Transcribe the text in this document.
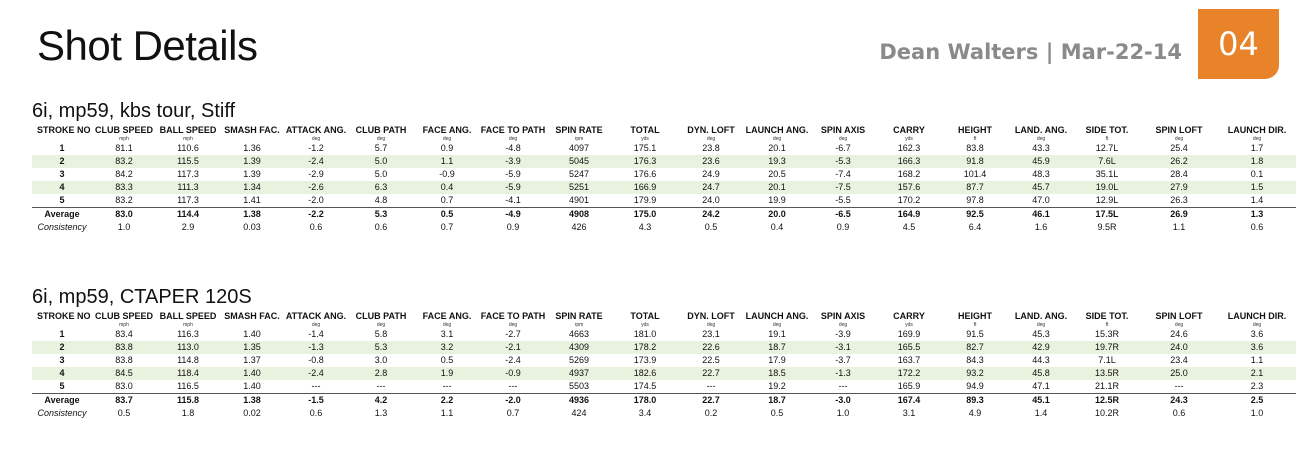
Shot Details	Dean Walters | Mar-22-14	04
6i, mp59, kbs tour, Stiff
STROKE NO	CLUB SPEED	BALL SPEED	SMASH FAC.	ATTACK ANG.	CLUB PATH	FACE ANG.	FACE TO PATH	SPIN RATE	TOTAL	DYN. LOFT	LAUNCH ANG.	SPIN AXIS	CARRY	HEIGHT	LAND. ANG.	SIDE TOT.	SPIN LOFT	LAUNCH DIR.
	mph	mph		deg	deg	deg	deg	rpm	yds	deg	deg	deg	yds	ft	deg	ft	deg	deg
1	81.1	110.6	1.36	-1.2	5.7	0.9	-4.8	4097	175.1	23.8	20.1	-6.7	162.3	83.8	43.3	12.7L	25.4	1.7
2	83.2	115.5	1.39	-2.4	5.0	1.1	-3.9	5045	176.3	23.6	19.3	-5.3	166.3	91.8	45.9	7.6L	26.2	1.8
3	84.2	117.3	1.39	-2.9	5.0	-0.9	-5.9	5247	176.6	24.9	20.5	-7.4	168.2	101.4	48.3	35.1L	28.4	0.1
4	83.3	111.3	1.34	-2.6	6.3	0.4	-5.9	5251	166.9	24.7	20.1	-7.5	157.6	87.7	45.7	19.0L	27.9	1.5
5	83.2	117.3	1.41	-2.0	4.8	0.7	-4.1	4901	179.9	24.0	19.9	-5.5	170.2	97.8	47.0	12.9L	26.3	1.4
Average	83.0	114.4	1.38	-2.2	5.3	0.5	-4.9	4908	175.0	24.2	20.0	-6.5	164.9	92.5	46.1	17.5L	26.9	1.3
Consistency	1.0	2.9	0.03	0.6	0.6	0.7	0.9	426	4.3	0.5	0.4	0.9	4.5	6.4	1.6	9.5R	1.1	0.6
6i, mp59, CTAPER 120S
STROKE NO	CLUB SPEED	BALL SPEED	SMASH FAC.	ATTACK ANG.	CLUB PATH	FACE ANG.	FACE TO PATH	SPIN RATE	TOTAL	DYN. LOFT	LAUNCH ANG.	SPIN AXIS	CARRY	HEIGHT	LAND. ANG.	SIDE TOT.	SPIN LOFT	LAUNCH DIR.
	mph	mph		deg	deg	deg	deg	rpm	yds	deg	deg	deg	yds	ft	deg	ft	deg	deg
1	83.4	116.3	1.40	-1.4	5.8	3.1	-2.7	4663	181.0	23.1	19.1	-3.9	169.9	91.5	45.3	15.3R	24.6	3.6
2	83.8	113.0	1.35	-1.3	5.3	3.2	-2.1	4309	178.2	22.6	18.7	-3.1	165.5	82.7	42.9	19.7R	24.0	3.6
3	83.8	114.8	1.37	-0.8	3.0	0.5	-2.4	5269	173.9	22.5	17.9	-3.7	163.7	84.3	44.3	7.1L	23.4	1.1
4	84.5	118.4	1.40	-2.4	2.8	1.9	-0.9	4937	182.6	22.7	18.5	-1.3	172.2	93.2	45.8	13.5R	25.0	2.1
5	83.0	116.5	1.40	---	---	---	---	5503	174.5	---	19.2	---	165.9	94.9	47.1	21.1R	---	2.3
Average	83.7	115.8	1.38	-1.5	4.2	2.2	-2.0	4936	178.0	22.7	18.7	-3.0	167.4	89.3	45.1	12.5R	24.3	2.5
Consistency	0.5	1.8	0.02	0.6	1.3	1.1	0.7	424	3.4	0.2	0.5	1.0	3.1	4.9	1.4	10.2R	0.6	1.0
